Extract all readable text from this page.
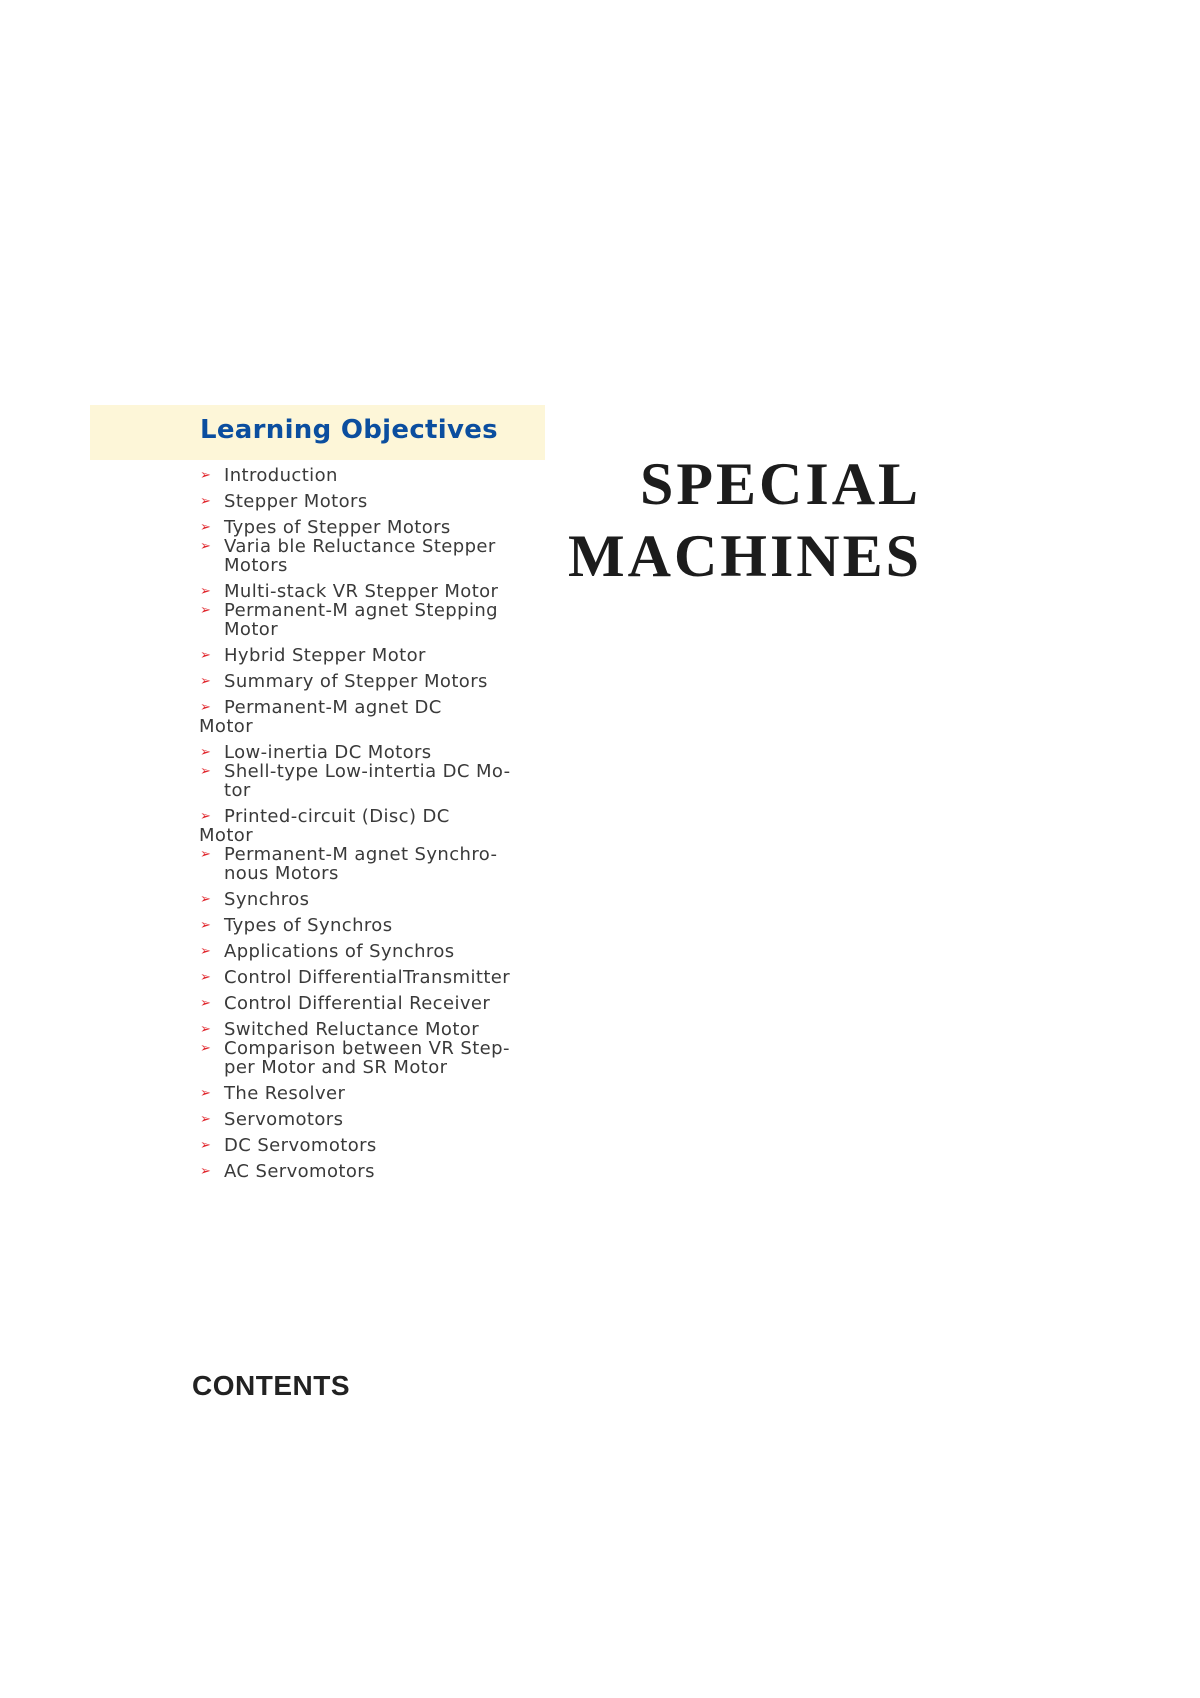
Learning Objectives
➢ Introduction
➢ Stepper Motors
➢ Types of Stepper Motors
➢ Varia ble Reluctance Stepper Motors
➢ Multi-stack VR Stepper Motor
➢ Permanent-M agnet Stepping Motor
➢ Hybrid Stepper Motor
➢ Summary of Stepper Motors
➢ Permanent-M agnet DC
Motor
➢ Low-inertia DC Motors
➢ Shell-type Low-intertia DC Mo- tor
➢ Printed-circuit (Disc) DC
Motor
➢ Permanent-M agnet Synchro- nous Motors
➢ Synchros
➢ Types of Synchros
➢ Applications of Synchros
➢ Control DifferentialTransmitter
➢ Control Differential Receiver
➢ Switched Reluctance Motor
➢ Comparison between VR Step- per Motor and SR Motor
➢ The Resolver
➢ Servomotors
➢ DC Servomotors
➢ AC Servomotors
SPECIAL
MACHINES
CONTENTS
